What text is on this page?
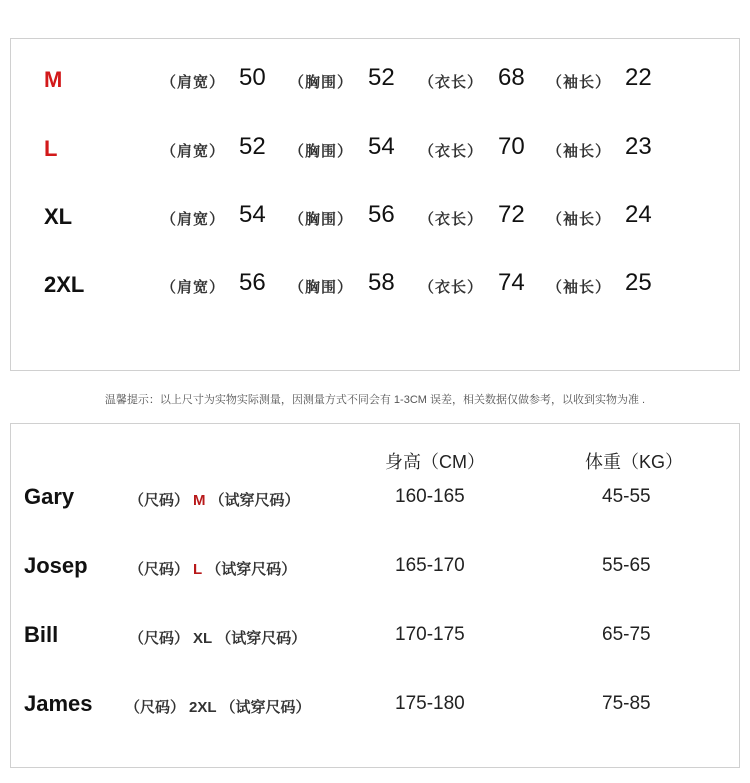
M	（肩宽） 50 （胸围） 52 （衣长） 68 （袖长） 22
L	（肩宽） 52 （胸围） 54 （衣长） 70 （袖长） 23
XL	（肩宽） 54 （胸围） 56 （衣长） 72 （袖长） 24
2XL	（肩宽） 56 （胸围） 58 （衣长） 74 （袖长） 25
温馨提示：以上尺寸为实物实际测量，因测量方式不同会有 1-3CM 误差，相关数据仅做参考，以收到实物为准 .
身高（CM）	体重（KG）
Gary	（尺码） M （试穿尺码）	160-165	45-55
Josep	（尺码） L （试穿尺码）	165-170	55-65
Bill	（尺码） XL （试穿尺码）	170-175	65-75
James （尺码） 2XL （试穿尺码）	175-180	75-85
